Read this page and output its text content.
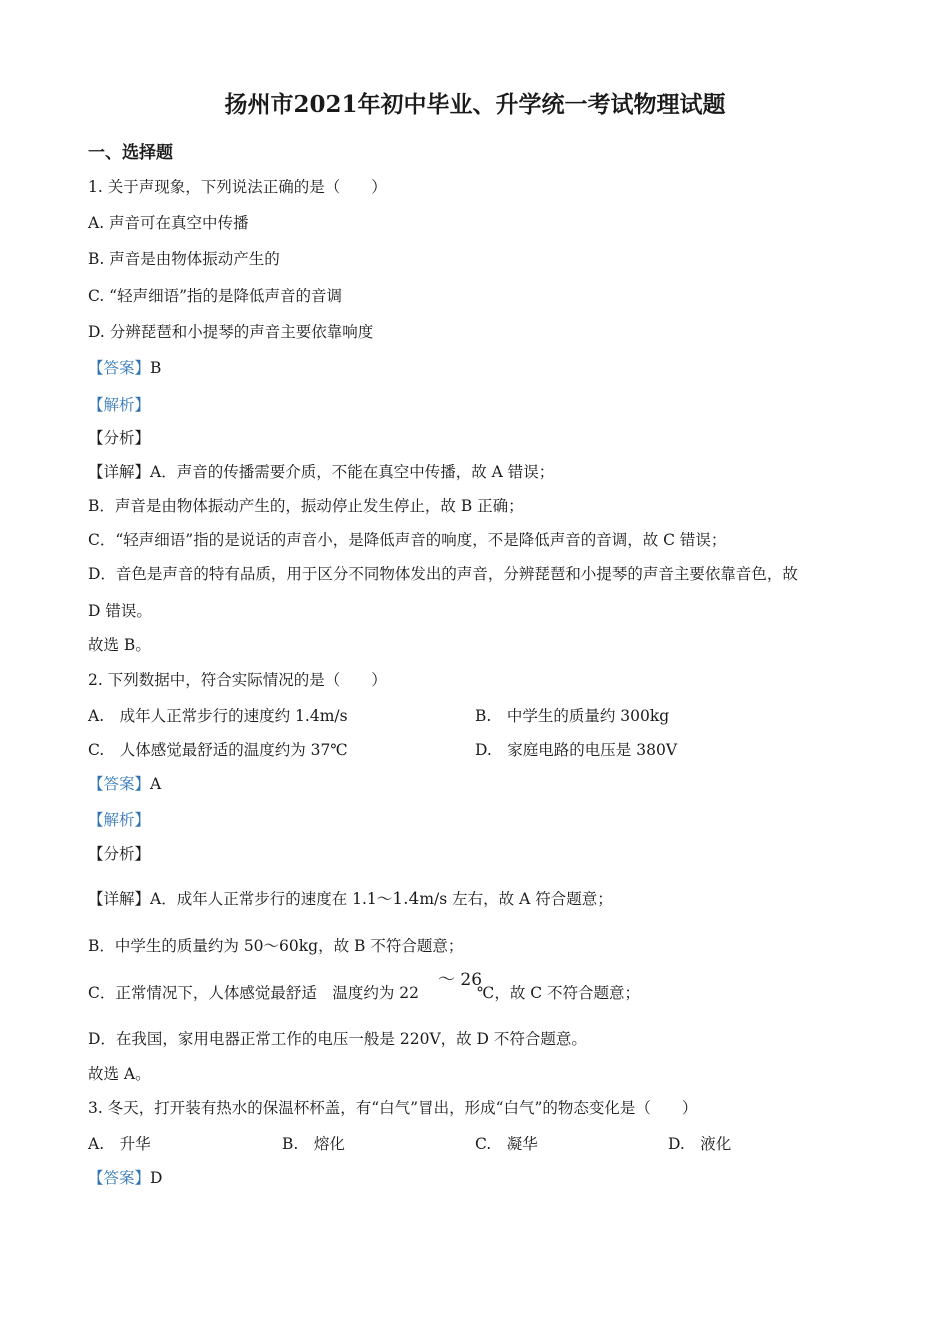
扬州市2021年初中毕业、升学统一考试物理试题
一、选择题
1. 关于声现象，下列说法正确的是（　　）
A. 声音可在真空中传播
B. 声音是由物体振动产生的
C. “轻声细语”指的是降低声音的音调
D. 分辨琵琶和小提琴的声音主要依靠响度
【答案】B
【解析】
【分析】
【详解】A．声音的传播需要介质，不能在真空中传播，故 A 错误；
B．声音是由物体振动产生的，振动停止发生停止，故 B 正确；
C．“轻声细语”指的是说话的声音小，是降低声音的响度，不是降低声音的音调，故 C 错误；
D．音色是声音的特有品质，用于区分不同物体发出的声音，分辨琵琶和小提琴的声音主要依靠音色，故
D 错误。
故选 B。
2. 下列数据中，符合实际情况的是（　　）
A.　成年人正常步行的速度约 1.4m/s	B.　中学生的质量约 300kg
C.　人体感觉最舒适的温度约为 37℃	D.　家庭电路的电压是 380V
【答案】A
【解析】
【分析】
【详解】A．成年人正常步行的速度在 1.1～1.4m/s 左右，故 A 符合题意；
B．中学生的质量约为 50～60kg，故 B 不符合题意；
C．正常情况下，人体感觉最舒适　温度约为 22
～ 26
℃，故 C 不符合题意；
D．在我国，家用电器正常工作的电压一般是 220V，故 D 不符合题意。
故选 A。
3. 冬天，打开装有热水的保温杯杯盖，有“白气”冒出，形成“白气”的物态变化是（　　）
A.　升华	B.　熔化	C.　凝华	D.　液化
【答案】D
